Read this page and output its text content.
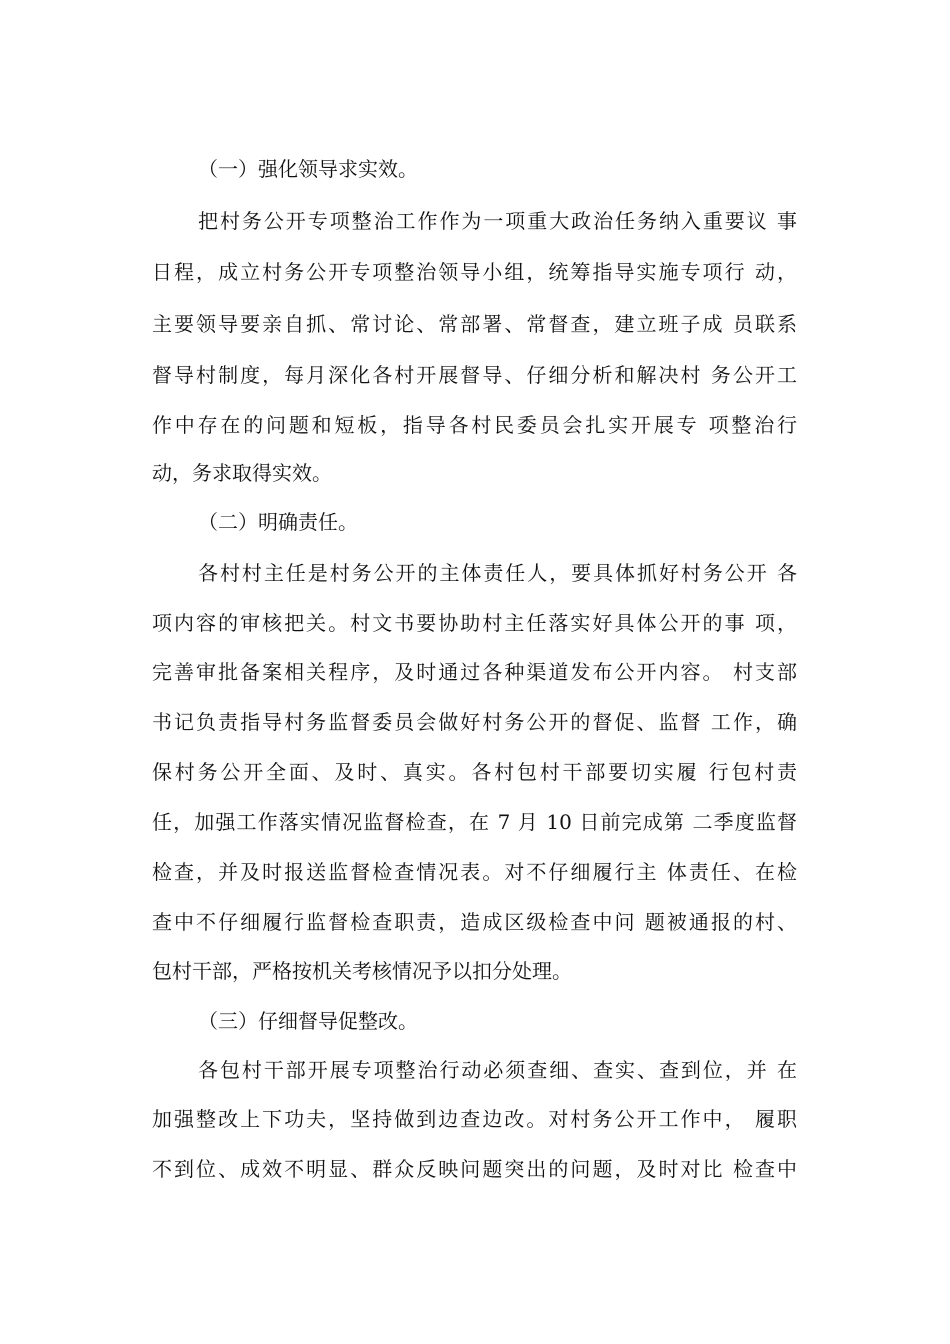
（一）强化领导求实效。
把村务公开专项整治工作作为一项重大政治任务纳入重要议 事
日程，成立村务公开专项整治领导小组，统筹指导实施专项行 动，
主要领导要亲自抓、常讨论、常部署、常督查，建立班子成 员联系
督导村制度，每月深化各村开展督导、仔细分析和解决村 务公开工
作中存在的问题和短板，指导各村民委员会扎实开展专 项整治行
动，务求取得实效。
（二）明确责任。
各村村主任是村务公开的主体责任人，要具体抓好村务公开 各
项内容的审核把关。村文书要协助村主任落实好具体公开的事 项，
完善审批备案相关程序，及时通过各种渠道发布公开内容。 村支部
书记负责指导村务监督委员会做好村务公开的督促、监督 工作，确
保村务公开全面、及时、真实。各村包村干部要切实履 行包村责
任，加强工作落实情况监督检查，在 7 月 10 日前完成第 二季度监督
检查，并及时报送监督检查情况表。对不仔细履行主 体责任、在检
查中不仔细履行监督检查职责，造成区级检查中问 题被通报的村、
包村干部，严格按机关考核情况予以扣分处理。
（三）仔细督导促整改。
各包村干部开展专项整治行动必须查细、查实、查到位，并 在
加强整改上下功夫，坚持做到边查边改。对村务公开工作中， 履职
不到位、成效不明显、群众反映问题突出的问题，及时对比 检查中
